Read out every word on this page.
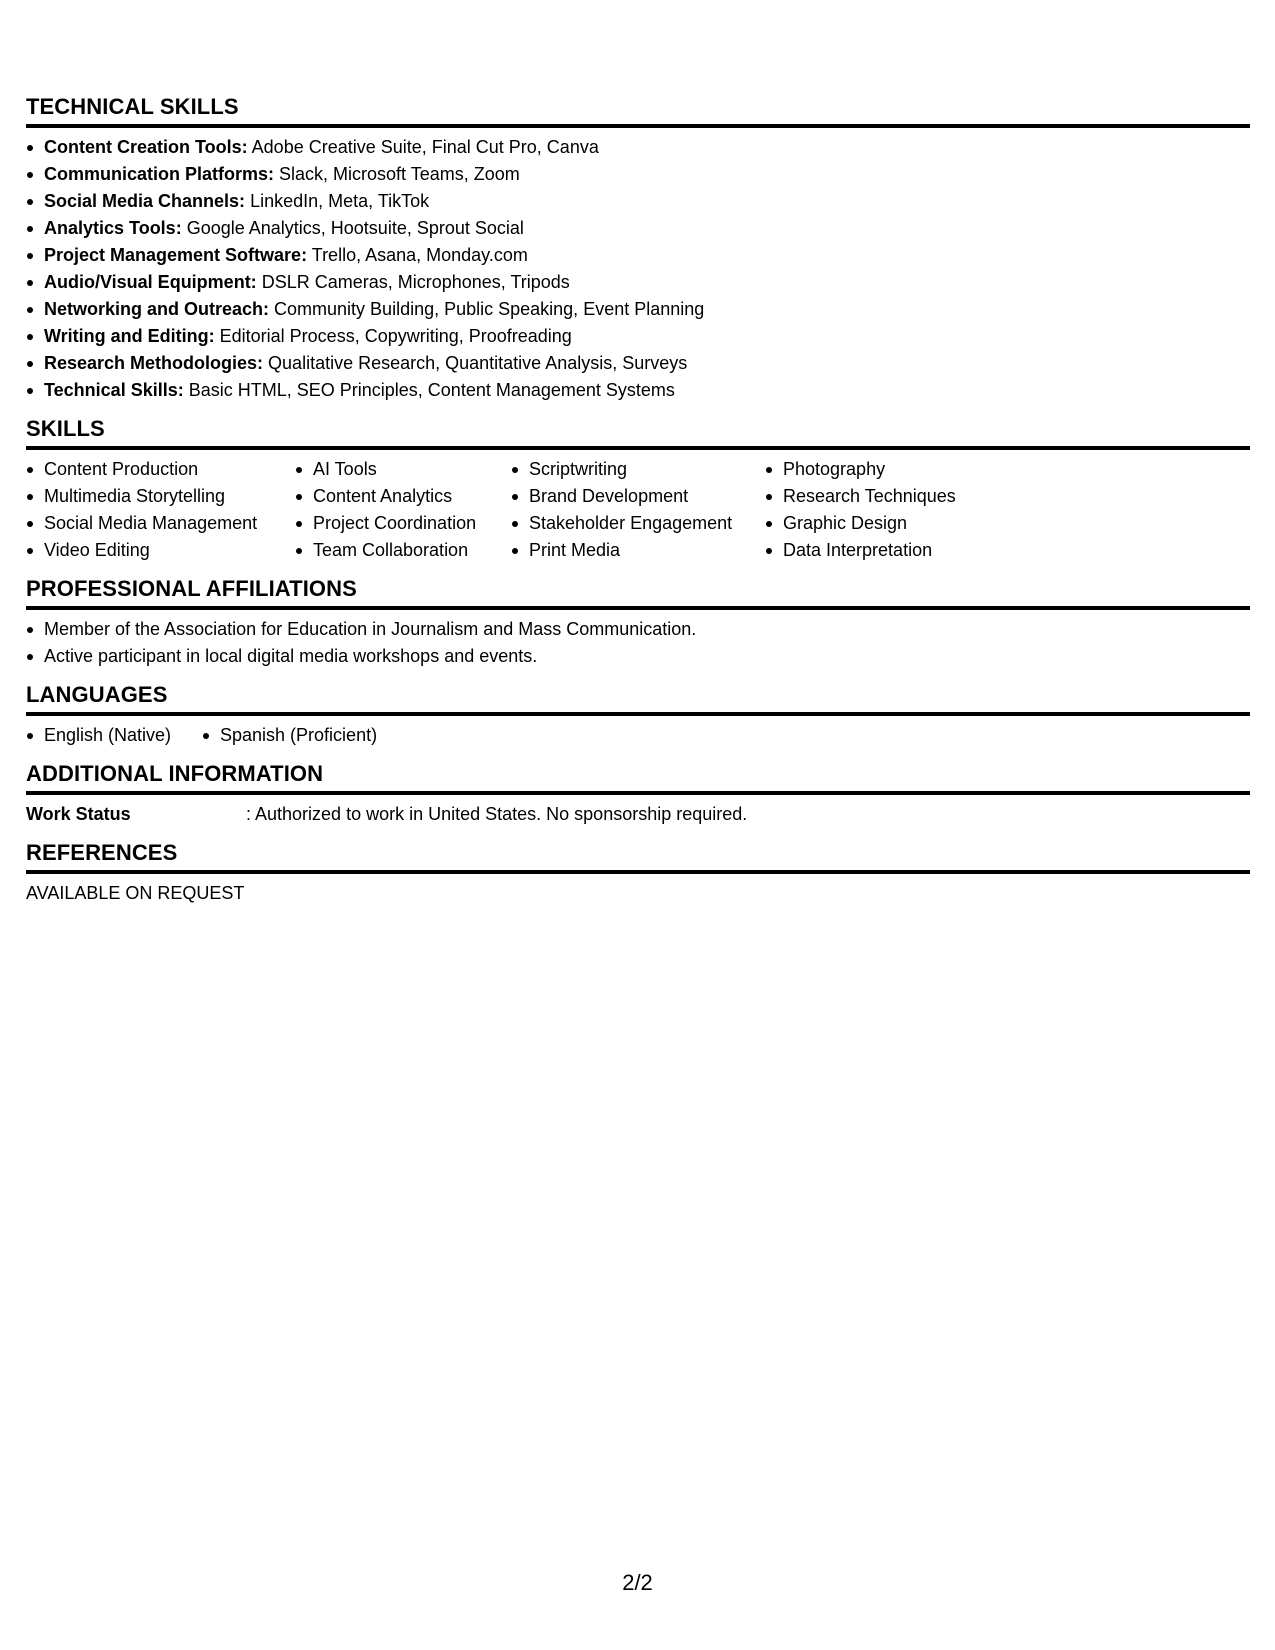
TECHNICAL SKILLS
Content Creation Tools: Adobe Creative Suite, Final Cut Pro, Canva
Communication Platforms: Slack, Microsoft Teams, Zoom
Social Media Channels: LinkedIn, Meta, TikTok
Analytics Tools: Google Analytics, Hootsuite, Sprout Social
Project Management Software: Trello, Asana, Monday.com
Audio/Visual Equipment: DSLR Cameras, Microphones, Tripods
Networking and Outreach: Community Building, Public Speaking, Event Planning
Writing and Editing: Editorial Process, Copywriting, Proofreading
Research Methodologies: Qualitative Research, Quantitative Analysis, Surveys
Technical Skills: Basic HTML, SEO Principles, Content Management Systems
SKILLS
Content Production
Multimedia Storytelling
Social Media Management
Video Editing
AI Tools
Content Analytics
Project Coordination
Team Collaboration
Scriptwriting
Brand Development
Stakeholder Engagement
Print Media
Photography
Research Techniques
Graphic Design
Data Interpretation
PROFESSIONAL AFFILIATIONS
Member of the Association for Education in Journalism and Mass Communication.
Active participant in local digital media workshops and events.
LANGUAGES
English (Native)	Spanish (Proficient)
ADDITIONAL INFORMATION
Work Status	: Authorized to work in United States. No sponsorship required.
REFERENCES
AVAILABLE ON REQUEST
2/2
